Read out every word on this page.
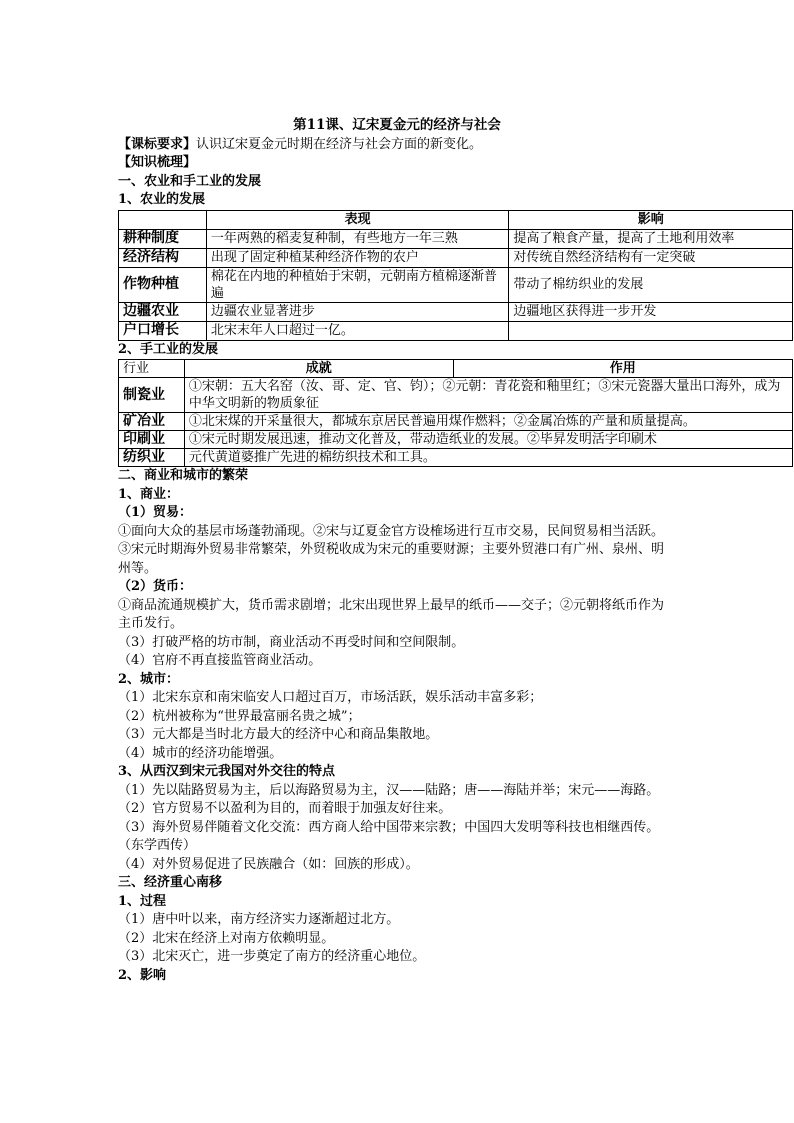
第11课、辽宋夏金元的经济与社会
【课标要求】认识辽宋夏金元时期在经济与社会方面的新变化。
【知识梳理】
一、农业和手工业的发展
1、农业的发展
	表现	影响
耕种制度	一年两熟的稻麦复种制，有些地方一年三熟	提高了粮食产量，提高了土地利用效率
经济结构	出现了固定种植某种经济作物的农户	对传统自然经济结构有一定突破
作物种植	棉花在内地的种植始于宋朝，元朝南方植棉逐渐普遍	带动了棉纺织业的发展
边疆农业	边疆农业显著进步	边疆地区获得进一步开发
户口增长	北宋末年人口超过一亿。	
2、手工业的发展
行业	成就	作用
制瓷业	①宋朝：五大名窑（汝、哥、定、官、钧）；②元朝：青花瓷和釉里红；③宋元瓷器大量出口海外，成为中华文明新的物质象征	
矿冶业	①北宋煤的开采量很大，都城东京居民普遍用煤作燃料；②金属冶炼的产量和质量提高。	
印刷业	①宋元时期发展迅速，推动文化普及，带动造纸业的发展。②毕昇发明活字印刷术	
纺织业	元代黄道婆推广先进的棉纺织技术和工具。	
二、商业和城市的繁荣
1、商业：
（1）贸易：

①面向大众的基层市场蓬勃涌现。②宋与辽夏金官方设榷场进行互市交易，民间贸易相当活跃。③宋元时期海外贸易非常繁荣，外贸税收成为宋元的重要财源；主要外贸港口有广州、泉州、明州等。

（2）货币：

①商品流通规模扩大，货币需求剧增；北宋出现世界上最早的纸币——交子；②元朝将纸币作为主币发行。

（3）打破严格的坊市制，商业活动不再受时间和空间限制。
（4）官府不再直接监管商业活动。
2、城市：
（1）北宋东京和南宋临安人口超过百万，市场活跃，娱乐活动丰富多彩；
（2）杭州被称为“世界最富丽名贵之城”；
（3）元大都是当时北方最大的经济中心和商品集散地。
（4）城市的经济功能增强。
3、从西汉到宋元我国对外交往的特点
（1）先以陆路贸易为主，后以海路贸易为主，汉——陆路；唐——海陆并举；宋元——海路。
（2）官方贸易不以盈利为目的，而着眼于加强友好往来。
（3）海外贸易伴随着文化交流：西方商人给中国带来宗教；中国四大发明等科技也相继西传。（东学西传）
（4）对外贸易促进了民族融合（如：回族的形成）。
三、经济重心南移
1、过程
（1）唐中叶以来，南方经济实力逐渐超过北方。
（2）北宋在经济上对南方依赖明显。
（3）北宋灭亡，进一步奠定了南方的经济重心地位。
2、影响
